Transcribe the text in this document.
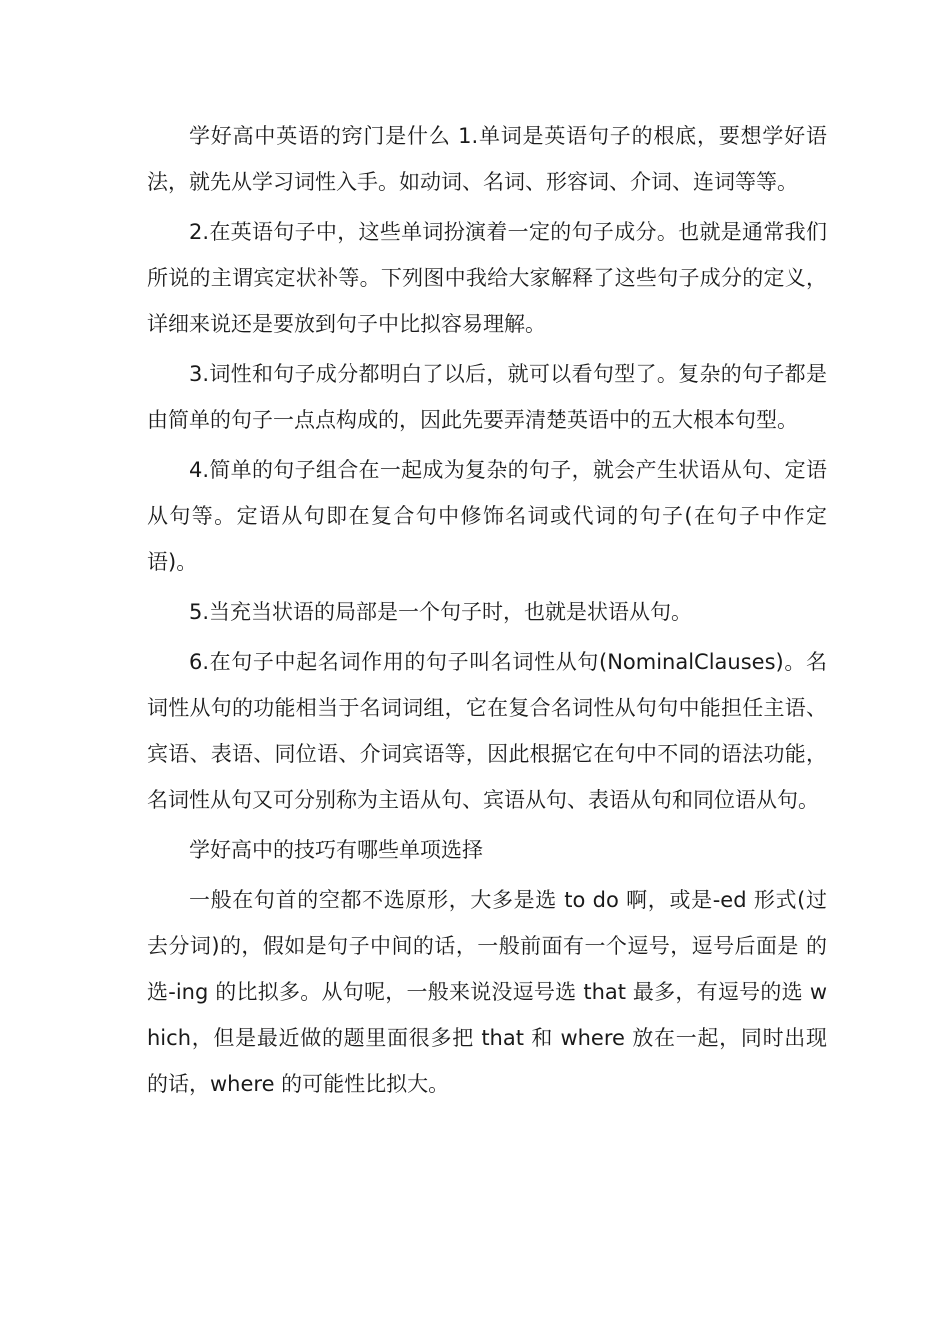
学好高中英语的窍门是什么 1.单词是英语句子的根底，要想学好语法，就先从学习词性入手。如动词、名词、形容词、介词、连词等等。

2.在英语句子中，这些单词扮演着一定的句子成分。也就是通常我们所说的主谓宾定状补等。下列图中我给大家解释了这些句子成分的定义，详细来说还是要放到句子中比拟容易理解。

3.词性和句子成分都明白了以后，就可以看句型了。复杂的句子都是由简单的句子一点点构成的，因此先要弄清楚英语中的五大根本句型。

4.简单的句子组合在一起成为复杂的句子，就会产生状语从句、定语从句等。定语从句即在复合句中修饰名词或代词的句子(在句子中作定语)。

5.当充当状语的局部是一个句子时，也就是状语从句。

6.在句子中起名词作用的句子叫名词性从句(NominalClauses)。名词性从句的功能相当于名词词组，它在复合名词性从句句中能担任主语、宾语、表语、同位语、介词宾语等，因此根据它在句中不同的语法功能，名词性从句又可分别称为主语从句、宾语从句、表语从句和同位语从句。

学好高中的技巧有哪些单项选择

一般在句首的空都不选原形，大多是选 to do 啊，或是-ed 形式(过去分词)的，假如是句子中间的话，一般前面有一个逗号，逗号后面是 的选-ing 的比拟多。从句呢，一般来说没逗号选 that 最多，有逗号的选 which，但是最近做的题里面很多把 that 和 where 放在一起，同时出现的话，where 的可能性比拟大。
